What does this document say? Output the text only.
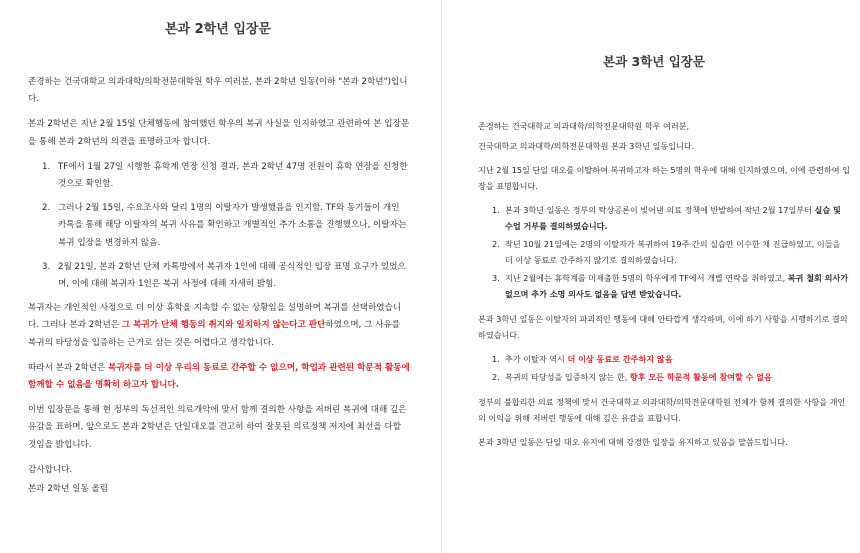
본과 2학년 입장문

존경하는 건국대학교 의과대학/의학전문대학원 학우 여러분, 본과 2학년 일동(이하 "본과 2학년")입니다.

본과 2학년은 지난 2월 15일 단체행동에 참여했던 학우의 복귀 사실을 인지하였고 관련하여 본 입장문을 통해 본과 2학년의 의견을 표명하고자 합니다.

1. TF에서 1월 27일 시행한 휴학계 연장 신청 결과, 본과 2학년 47명 전원이 휴학 연장을 신청한 것으로 확인함.
2. 그러나 2월 15일, 수요조사와 달리 1명의 이탈자가 발생했음을 인지함. TF와 동기들이 개인 카톡을 통해 해당 이탈자의 복귀 사유를 확인하고 개별적인 추가 소통을 진행했으나, 이탈자는 복귀 입장을 변경하지 않음.
3. 2월 21일, 본과 2학년 단체 카톡방에서 복귀자 1인에 대해 공식적인 입장 표명 요구가 있었으며, 이에 대해 복귀자 1인은 복귀 사정에 대해 자세히 밝힘.

복귀자는 개인적인 사정으로 더 이상 휴학을 지속할 수 없는 상황임을 설명하며 복귀를 선택하였습니다. 그러나 본과 2학년은 그 복귀가 단체 행동의 취지와 일치하지 않는다고 판단하였으며, 그 사유를 복귀의 타당성을 입증하는 근거로 삼는 것은 어렵다고 생각합니다.

따라서 본과 2학년은 복귀자를 더 이상 우리의 동료로 간주할 수 없으며, 학업과 관련된 학문적 활동에 함께할 수 없음을 명확히 하고자 합니다.

이번 입장문을 통해 현 정부의 독선적인 의료개악에 맞서 함께 결의한 사항을 저버린 복귀에 대해 깊은 유감을 표하며, 앞으로도 본과 2학년은 단일대오를 견고히 하여 잘못된 의료정책 저지에 최선을 다할 것임을 밝힙니다.

감사합니다.

본과 2학년 일동 올림

본과 3학년 입장문

존경하는 건국대학교 의과대학/의학전문대학원 학우 여러분,

건국대학교 의과대학/의학전문대학원 본과 3학년 일동입니다.

지난 2월 15일 단일 대오를 이탈하여 복귀하고자 하는 5명의 학우에 대해 인지하였으며, 이에 관련하여 입장을 표명합니다.

1. 본과 3학년 일동은 정부의 탁상공론이 빚어낸 의료 정책에 반발하여 작년 2월 17일부터 실습 및 수업 거부를 결의하였습니다.
2. 작년 10월 21일에는 2명의 이탈자가 복귀하여 19주 간의 실습만 이수한 채 진급하였고, 이들을 더 이상 동료로 간주하지 않기로 결의하였습니다.
3. 지난 2월에는 휴학계를 미제출한 5명의 학우에게 TF에서 개별 연락을 취하였고, 복귀 철회 의사가 없으며 추가 소명 의사도 없음을 답변 받았습니다.

본과 3학년 일동은 이탈자의 파괴적인 행동에 대해 안타깝게 생각하며, 이에 하기 사항을 시행하기로 결의하였습니다.

1. 추가 이탈자 역시 더 이상 동료로 간주하지 않음
2. 복귀의 타당성을 입증하지 않는 한, 향후 모든 학문적 활동에 참여할 수 없음

정부의 불합리한 의료 정책에 맞서 건국대학교 의과대학/의학전문대학원 전체가 함께 결의한 사항을 개인의 이익을 위해 저버린 행동에 대해 깊은 유감을 표합니다.

본과 3학년 일동은 단일 대오 유지에 대해 강경한 입장을 유지하고 있음을 말씀드립니다.
